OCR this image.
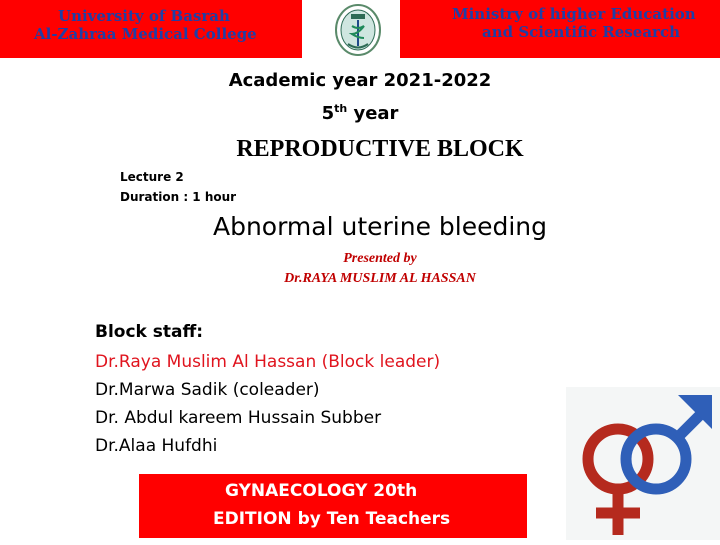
University of Basrah
Al-Zahraa Medical College
Ministry of higher Education
and Scientific Research
Academic year 2021-2022
5th year
REPRODUCTIVE BLOCK
Lecture 2
Duration : 1 hour
Abnormal uterine bleeding
Presented by
Dr.RAYA MUSLIM AL HASSAN
Block staff:
Dr.Raya Muslim Al Hassan (Block leader)
Dr.Marwa Sadik (coleader)
Dr. Abdul kareem Hussain Subber
Dr.Alaa Hufdhi
GYNAECOLOGY 20th
EDITION by Ten Teachers
